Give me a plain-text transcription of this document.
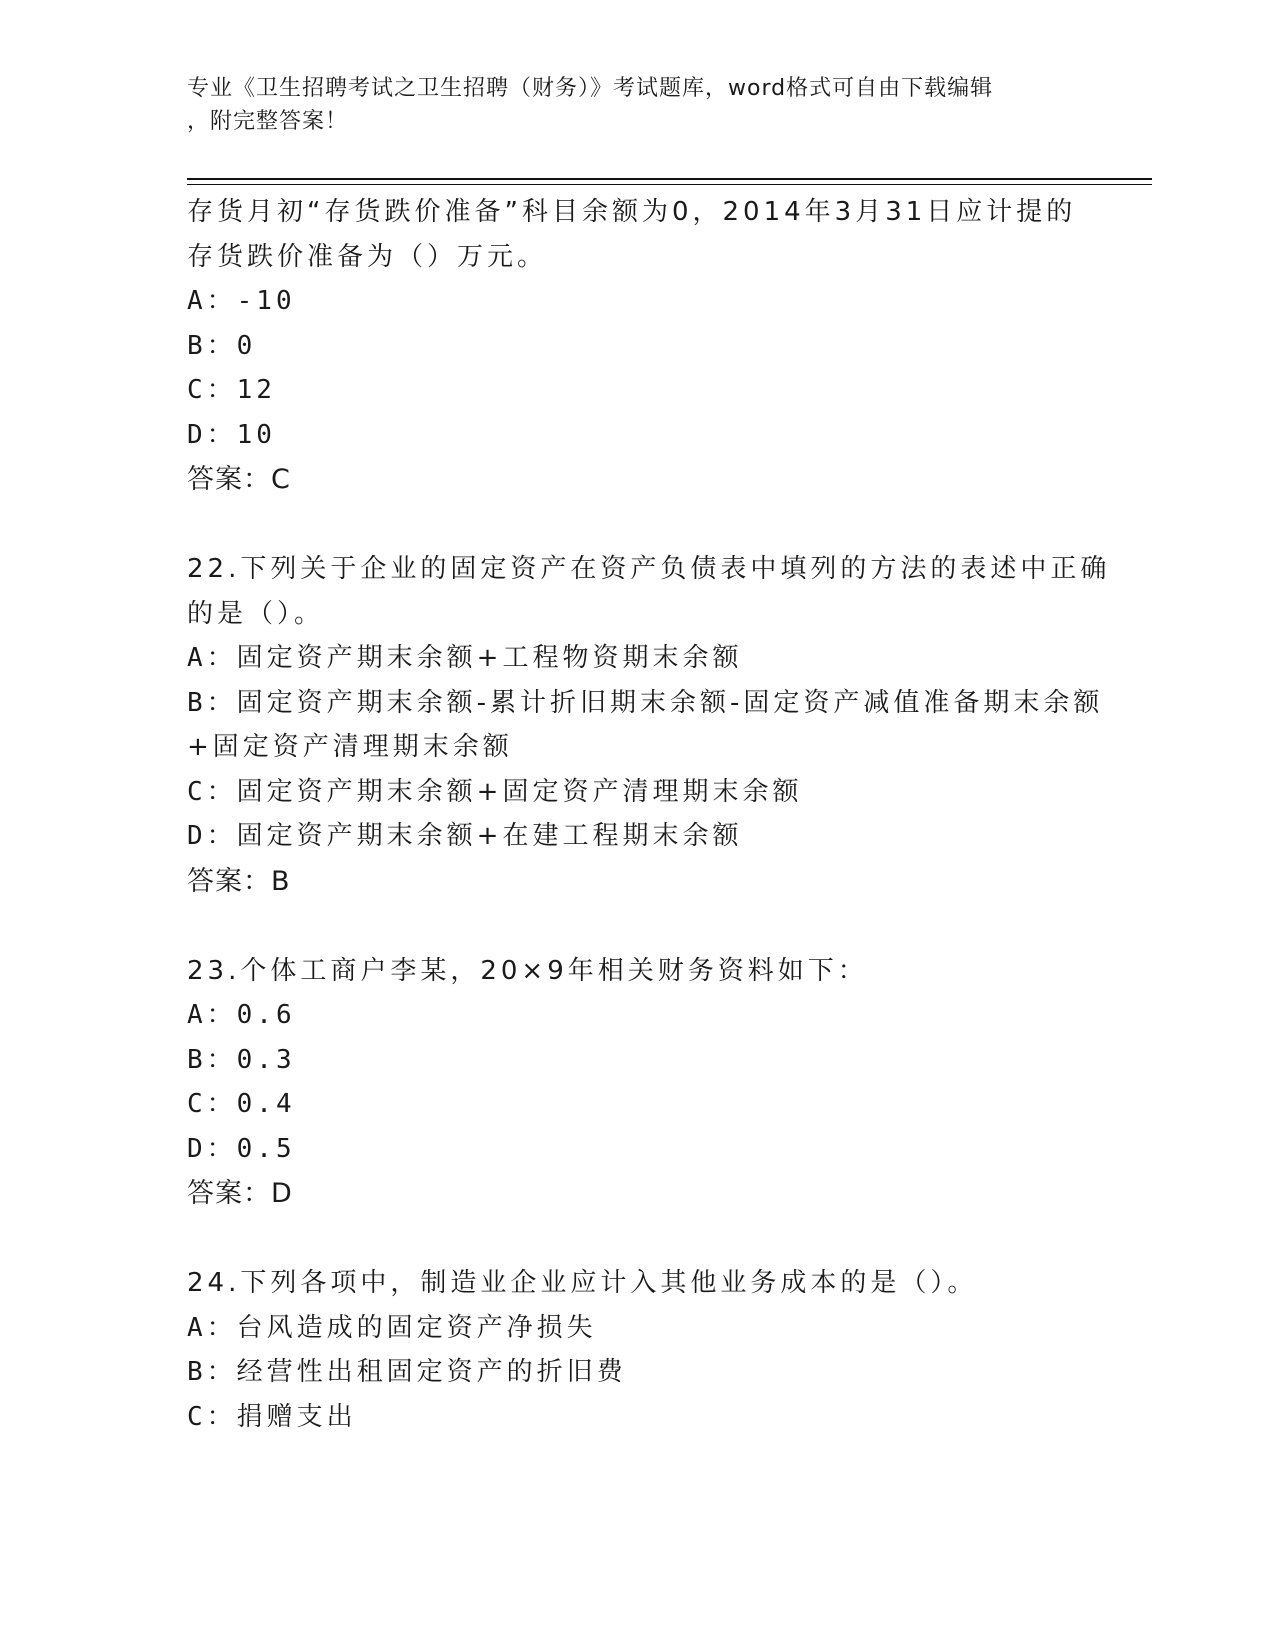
专业《卫生招聘考试之卫生招聘（财务）》考试题库，word格式可自由下载编辑
，附完整答案！
存货月初“存货跌价准备”科目余额为0，2014年3月31日应计提的
存货跌价准备为（）万元。
A：-10
B：0
C：12
D：10
答案：C
22.下列关于企业的固定资产在资产负债表中填列的方法的表述中正确
的是（）。
A：固定资产期末余额+工程物资期末余额
B：固定资产期末余额-累计折旧期末余额-固定资产减值准备期末余额
+固定资产清理期末余额
C：固定资产期末余额+固定资产清理期末余额
D：固定资产期末余额+在建工程期末余额
答案：B
23.个体工商户李某，20×9年相关财务资料如下：
A：0.6
B：0.3
C：0.4
D：0.5
答案：D
24.下列各项中，制造业企业应计入其他业务成本的是（）。
A：台风造成的固定资产净损失
B：经营性出租固定资产的折旧费
C：捐赠支出
